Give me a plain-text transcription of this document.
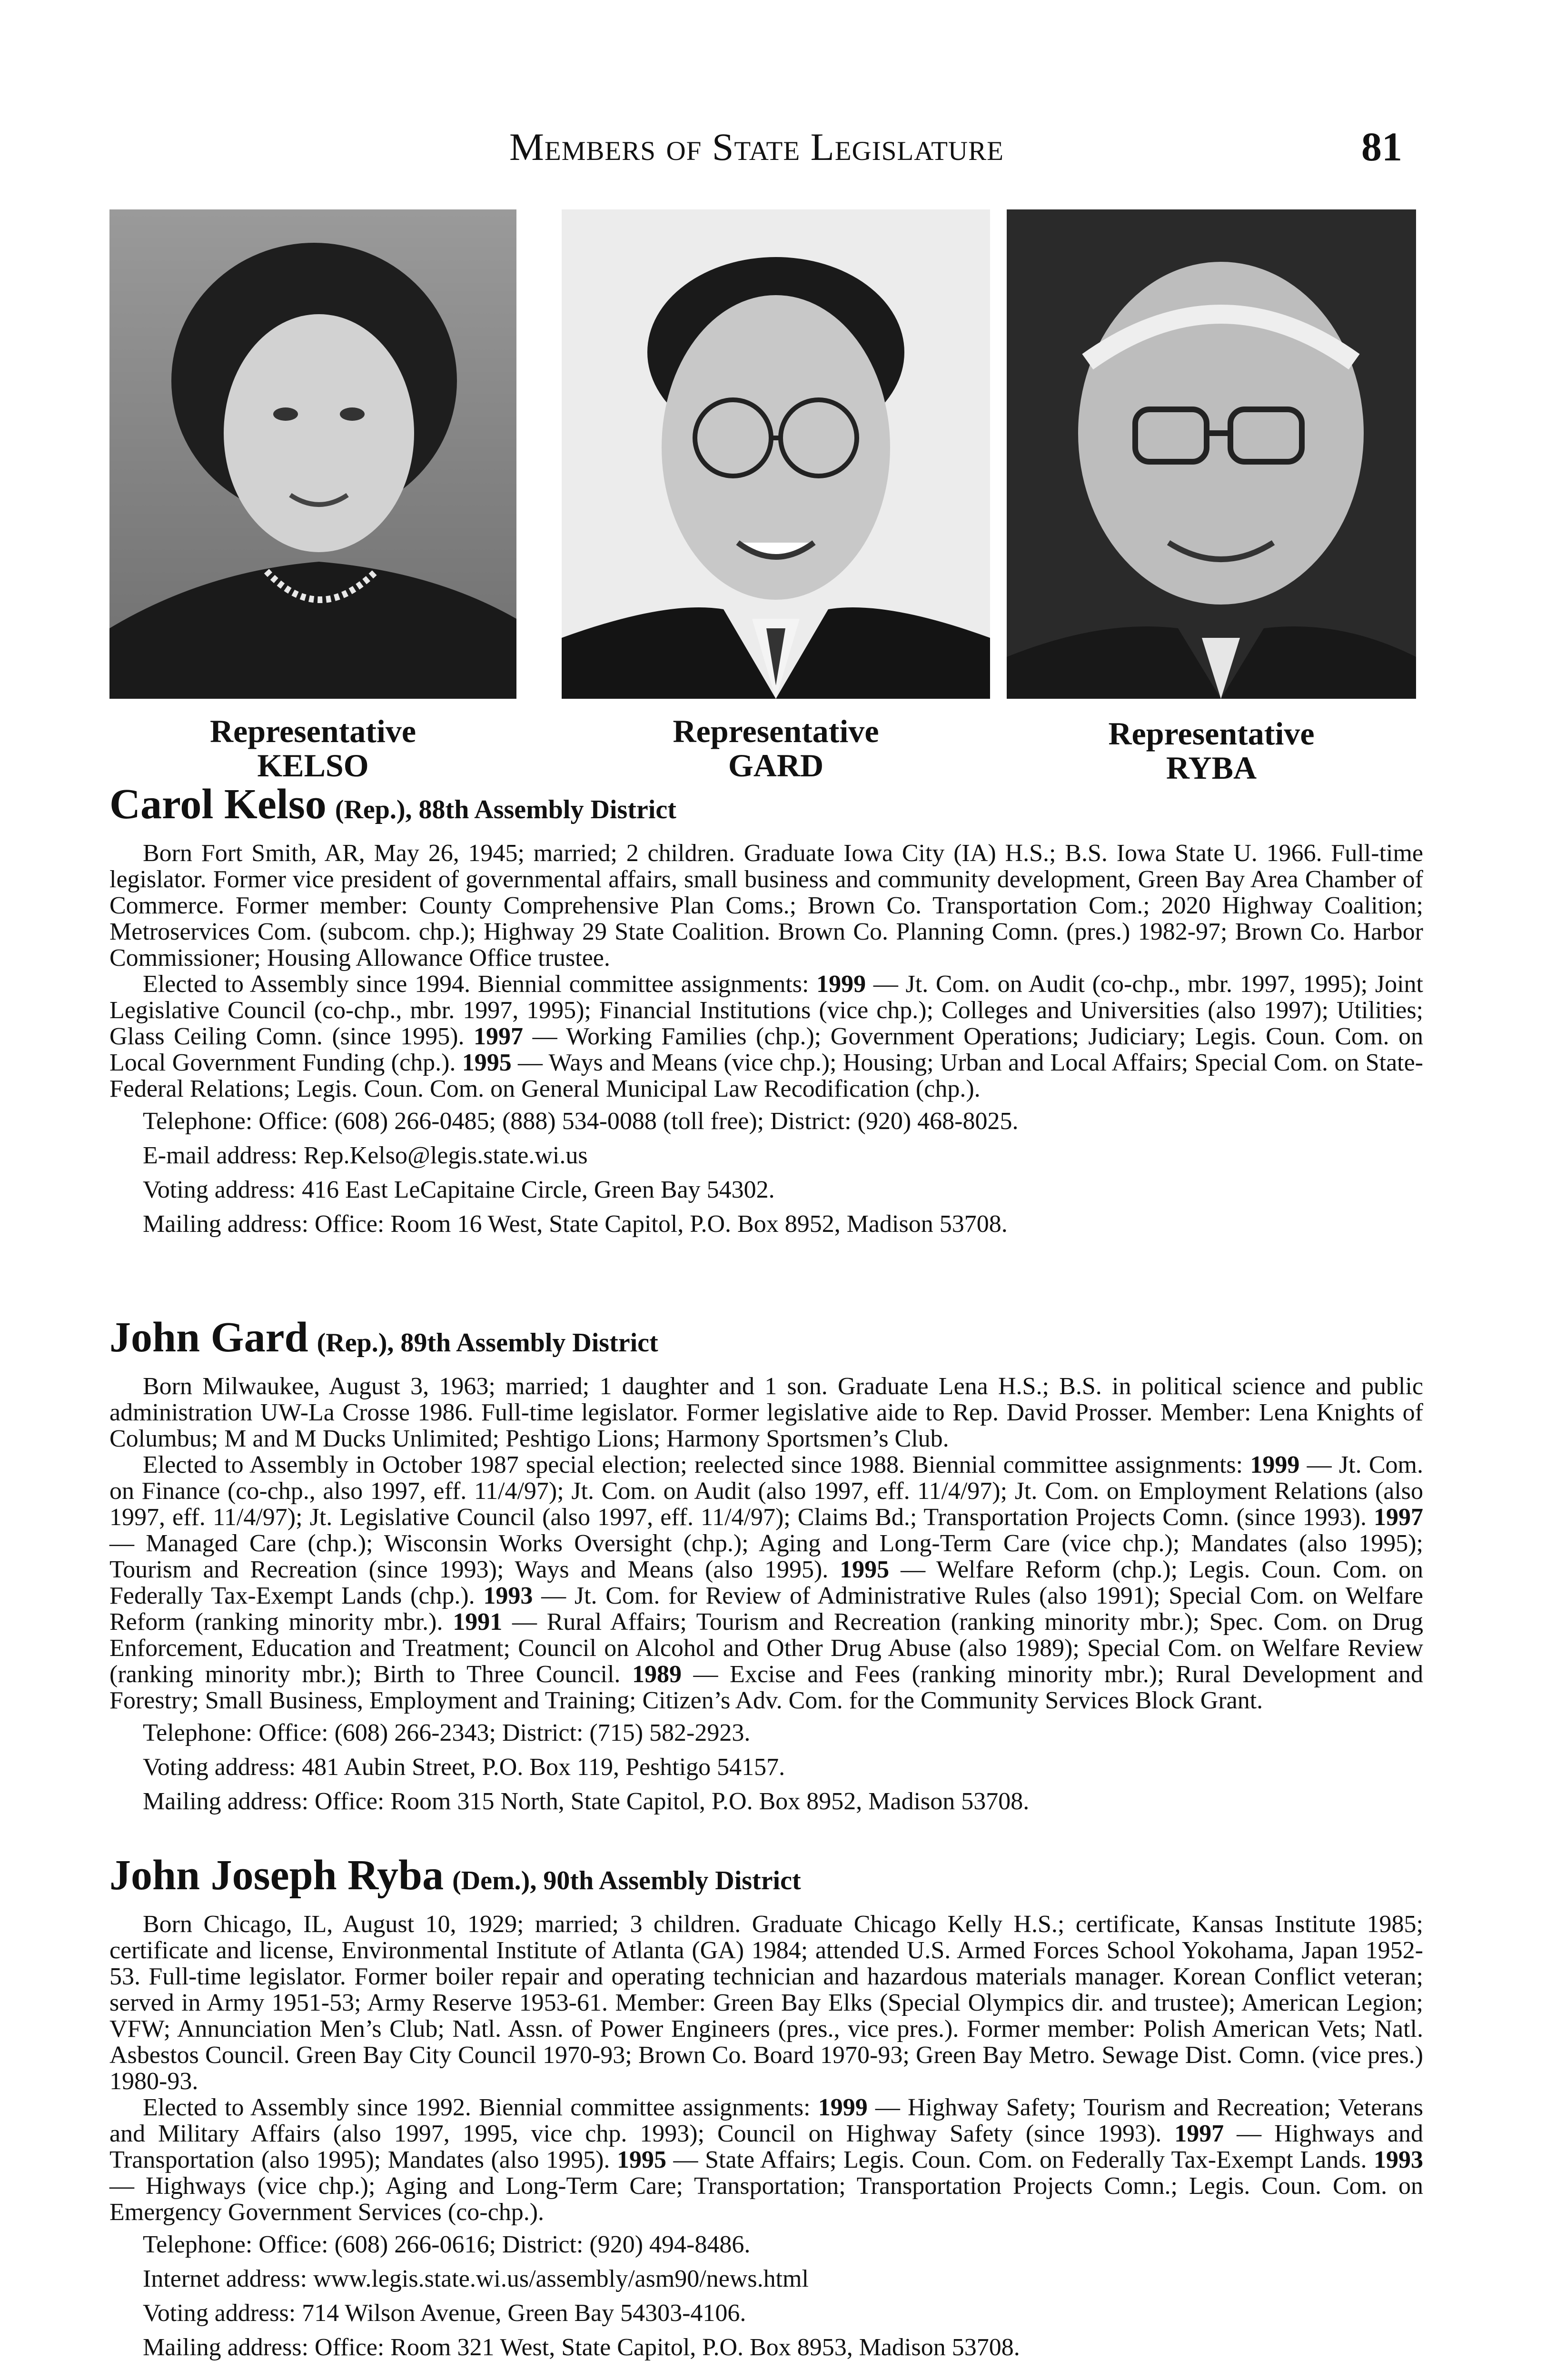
Members of State Legislature	81
Representative
KELSO
Representative
GARD
Representative
RYBA
Carol Kelso (Rep.), 88th Assembly District

Born Fort Smith, AR, May 26, 1945; married; 2 children. Graduate Iowa City (IA) H.S.; B.S. Iowa State U. 1966. Full-time legislator. Former vice president of governmental affairs, small business and community development, Green Bay Area Chamber of Commerce. Former member: County Comprehensive Plan Coms.; Brown Co. Transportation Com.; 2020 Highway Coalition; Metroservices Com. (subcom. chp.); Highway 29 State Coalition. Brown Co. Planning Comn. (pres.) 1982-97; Brown Co. Harbor Commissioner; Housing Allowance Office trustee.

Elected to Assembly since 1994. Biennial committee assignments: 1999 — Jt. Com. on Audit (co-chp., mbr. 1997, 1995); Joint Legislative Council (co-chp., mbr. 1997, 1995); Financial Institutions (vice chp.); Colleges and Universities (also 1997); Utilities; Glass Ceiling Comn. (since 1995). 1997 — Working Families (chp.); Government Operations; Judiciary; Legis. Coun. Com. on Local Government Funding (chp.). 1995 — Ways and Means (vice chp.); Housing; Urban and Local Affairs; Special Com. on State-Federal Relations; Legis. Coun. Com. on General Municipal Law Recodification (chp.).

Telephone: Office: (608) 266-0485; (888) 534-0088 (toll free); District: (920) 468-8025.

E-mail address: Rep.Kelso@legis.state.wi.us

Voting address: 416 East LeCapitaine Circle, Green Bay 54302.

Mailing address: Office: Room 16 West, State Capitol, P.O. Box 8952, Madison 53708.

John Gard (Rep.), 89th Assembly District

Born Milwaukee, August 3, 1963; married; 1 daughter and 1 son. Graduate Lena H.S.; B.S. in political science and public administration UW-La Crosse 1986. Full-time legislator. Former legislative aide to Rep. David Prosser. Member: Lena Knights of Columbus; M and M Ducks Unlimited; Peshtigo Lions; Harmony Sportsmen’s Club.

Elected to Assembly in October 1987 special election; reelected since 1988. Biennial committee assignments: 1999 — Jt. Com. on Finance (co-chp., also 1997, eff. 11/4/97); Jt. Com. on Audit (also 1997, eff. 11/4/97); Jt. Com. on Employment Relations (also 1997, eff. 11/4/97); Jt. Legislative Council (also 1997, eff. 11/4/97); Claims Bd.; Transportation Projects Comn. (since 1993). 1997 — Managed Care (chp.); Wisconsin Works Oversight (chp.); Aging and Long-Term Care (vice chp.); Mandates (also 1995); Tourism and Recreation (since 1993); Ways and Means (also 1995). 1995 — Welfare Reform (chp.); Legis. Coun. Com. on Federally Tax-Exempt Lands (chp.). 1993 — Jt. Com. for Review of Administrative Rules (also 1991); Special Com. on Welfare Reform (ranking minority mbr.). 1991 — Rural Affairs; Tourism and Recreation (ranking minority mbr.); Spec. Com. on Drug Enforcement, Education and Treatment; Council on Alcohol and Other Drug Abuse (also 1989); Special Com. on Welfare Review (ranking minority mbr.); Birth to Three Council. 1989 — Excise and Fees (ranking minority mbr.); Rural Development and Forestry; Small Business, Employment and Training; Citizen’s Adv. Com. for the Community Services Block Grant.

Telephone: Office: (608) 266-2343; District: (715) 582-2923.

Voting address: 481 Aubin Street, P.O. Box 119, Peshtigo 54157.

Mailing address: Office: Room 315 North, State Capitol, P.O. Box 8952, Madison 53708.

John Joseph Ryba (Dem.), 90th Assembly District

Born Chicago, IL, August 10, 1929; married; 3 children. Graduate Chicago Kelly H.S.; certificate, Kansas Institute 1985; certificate and license, Environmental Institute of Atlanta (GA) 1984; attended U.S. Armed Forces School Yokohama, Japan 1952-53. Full-time legislator. Former boiler repair and operating technician and hazardous materials manager. Korean Conflict veteran; served in Army 1951-53; Army Reserve 1953-61. Member: Green Bay Elks (Special Olympics dir. and trustee); American Legion; VFW; Annunciation Men’s Club; Natl. Assn. of Power Engineers (pres., vice pres.). Former member: Polish American Vets; Natl. Asbestos Council. Green Bay City Council 1970-93; Brown Co. Board 1970-93; Green Bay Metro. Sewage Dist. Comn. (vice pres.) 1980-93.

Elected to Assembly since 1992. Biennial committee assignments: 1999 — Highway Safety; Tourism and Recreation; Veterans and Military Affairs (also 1997, 1995, vice chp. 1993); Council on Highway Safety (since 1993). 1997 — Highways and Transportation (also 1995); Mandates (also 1995). 1995 — State Affairs; Legis. Coun. Com. on Federally Tax-Exempt Lands. 1993 — Highways (vice chp.); Aging and Long-Term Care; Transportation; Transportation Projects Comn.; Legis. Coun. Com. on Emergency Government Services (co-chp.).

Telephone: Office: (608) 266-0616; District: (920) 494-8486.

Internet address: www.legis.state.wi.us/assembly/asm90/news.html

Voting address: 714 Wilson Avenue, Green Bay 54303-4106.

Mailing address: Office: Room 321 West, State Capitol, P.O. Box 8953, Madison 53708.
